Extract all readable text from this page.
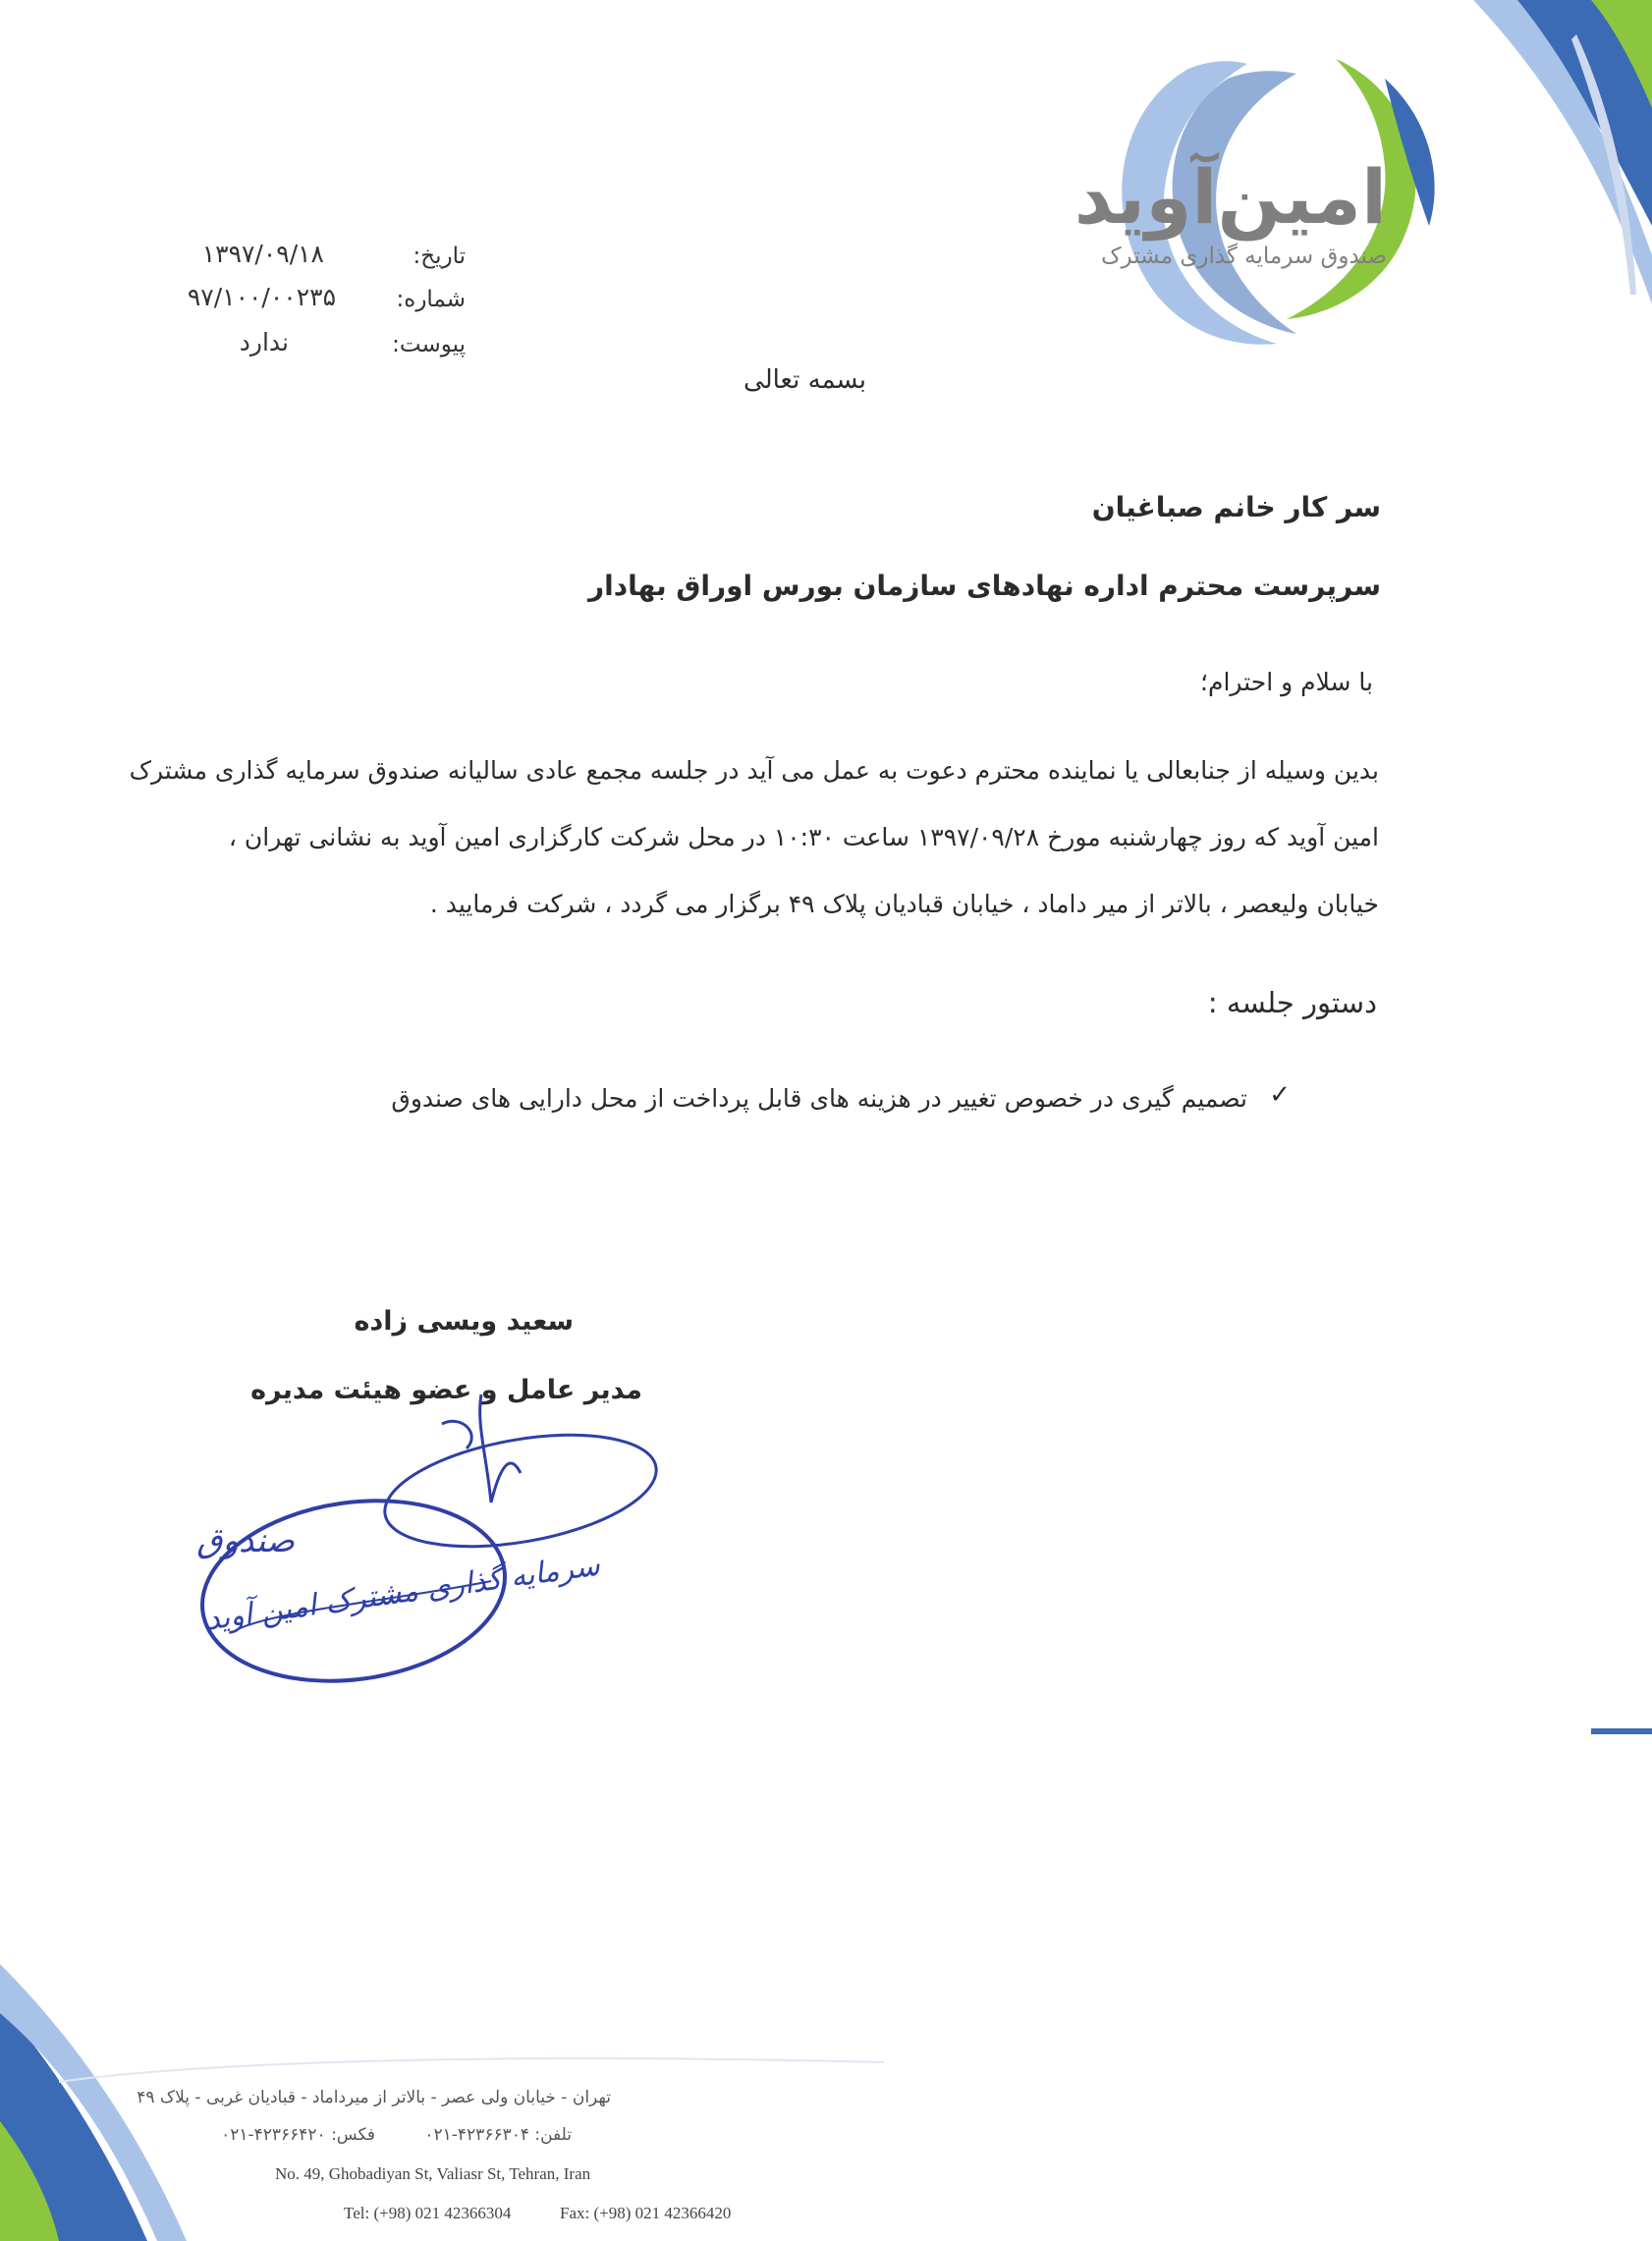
امین‌آوید
صندوق سرمایه گذاری مشترک
تاریخ:
۱۳۹۷/۰۹/۱۸
شماره:
۹۷/۱۰۰/۰۰۲۳۵
پیوست:
ندارد
بسمه تعالی
سر کار خانم صباغیان
سرپرست محترم اداره نهادهای سازمان بورس اوراق بهادار
با سلام و احترام؛
بدین وسیله از جنابعالی یا نماینده محترم دعوت به عمل می آید در جلسه مجمع عادی سالیانه صندوق سرمایه گذاری مشترک
امین آوید که روز چهارشنبه مورخ ۱۳۹۷/۰۹/۲۸ ساعت ۱۰:۳۰ در محل شرکت کارگزاری امین آوید به نشانی تهران ،
خیابان ولیعصر ، بالاتر از میر داماد ، خیابان قبادیان پلاک ۴۹ برگزار می گردد ، شرکت فرمایید .
دستور جلسه :
✓
تصمیم گیری در خصوص تغییر در هزینه های قابل پرداخت از محل دارایی های صندوق
سعید ویسی زاده
مدیر عامل و عضو هیئت مدیره
صندوق
سرمایه گذاری مشترک امین آوید
تهران - خیابان ولی عصر - بالاتر از میرداماد - قبادیان غربی - پلاک ۴۹
تلفن: ۴۲۳۶۶۳۰۴-۰۲۱
فکس: ۴۲۳۶۶۴۲۰-۰۲۱
No. 49, Ghobadiyan St, Valiasr St, Tehran, Iran
Tel: (+98) 021 42366304	Fax: (+98) 021 42366420
